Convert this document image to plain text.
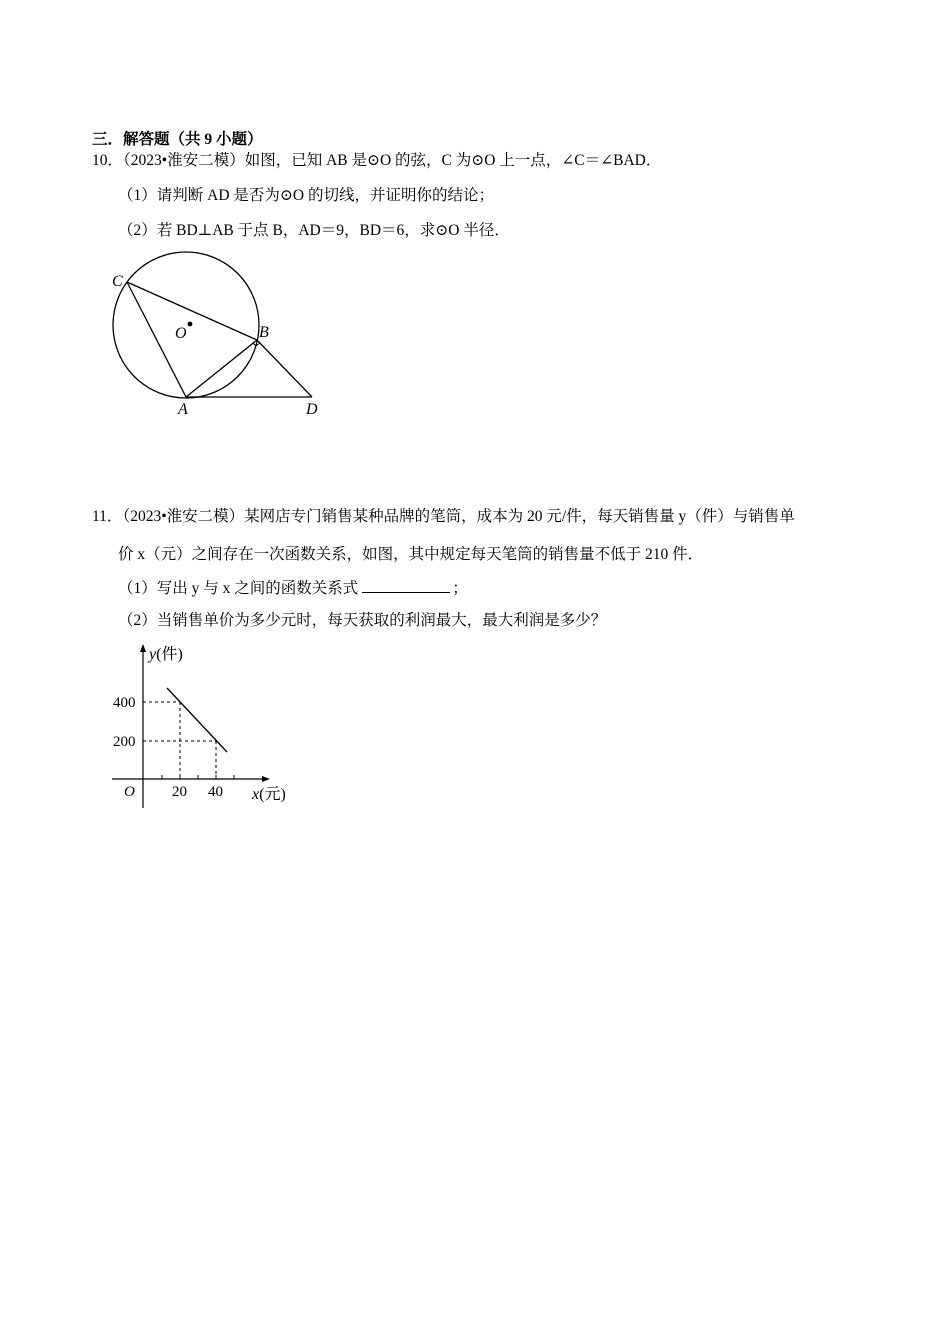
三．解答题（共 9 小题）
10．（2023•淮安二模）如图，已知 AB 是⊙O 的弦，C 为⊙O 上一点，∠C＝∠BAD．
（1）请判断 AD 是否为⊙O 的切线，并证明你的结论；
（2）若 BD⊥AB 于点 B，AD＝9，BD＝6，求⊙O 半径．
C
O	B
A	D
11．（2023•淮安二模）某网店专门销售某种品牌的笔筒，成本为 20 元/件，每天销售量 y（件）与销售单
价 x（元）之间存在一次函数关系，如图，其中规定每天笔筒的销售量不低于 210 件．
（1）写出 y 与 x 之间的函数关系式	；
（2）当销售单价为多少元时，每天获取的利润最大，最大利润是多少？
y(件)
400
200
O 20 40 x(元)
